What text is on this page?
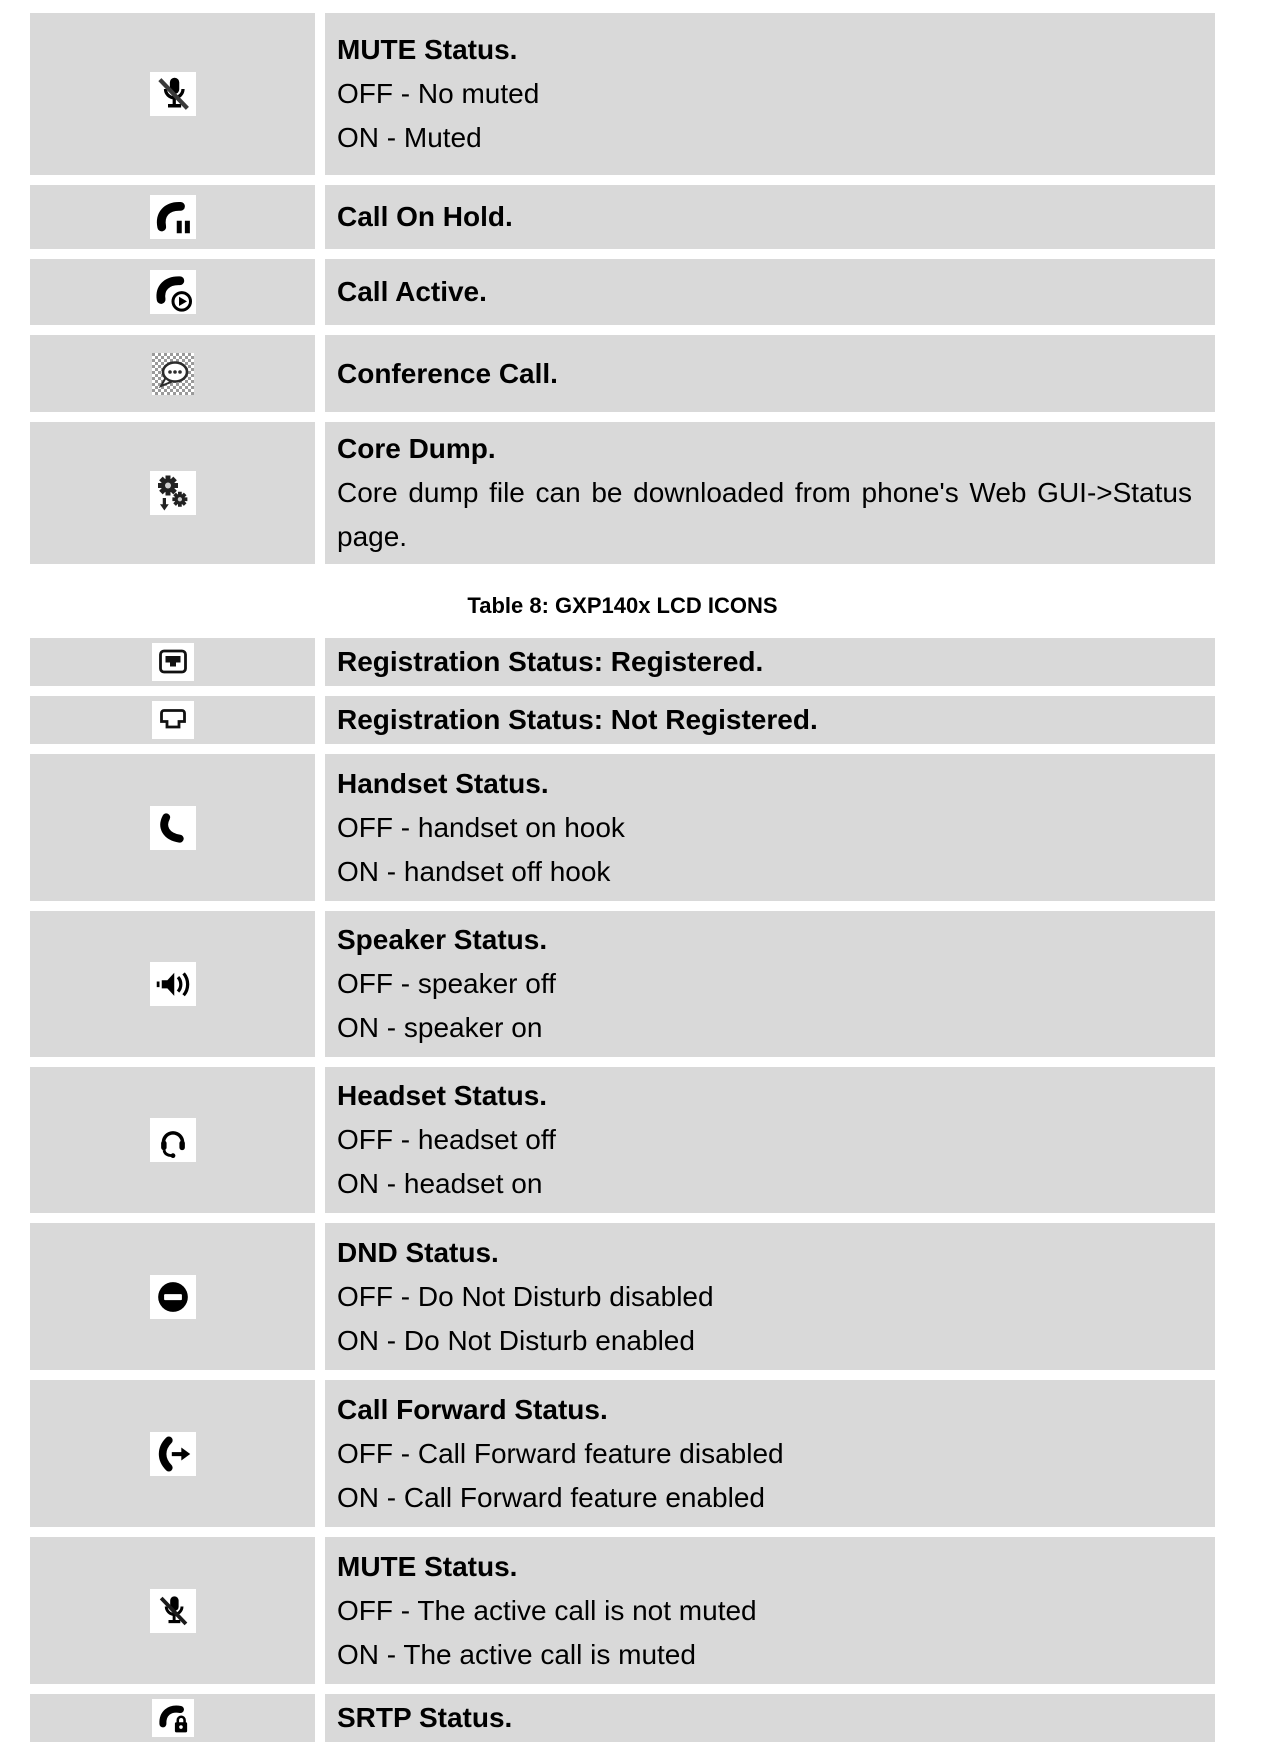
MUTE Status.
OFF - No muted
ON - Muted
Call On Hold.
Call Active.
Conference Call.
Core Dump.
Core dump file can be downloaded from phone's Web GUI->Status page.
Table 8: GXP140x LCD ICONS
Registration Status: Registered.
Registration Status: Not Registered.
Handset Status.
OFF - handset on hook
ON - handset off hook
Speaker Status.
OFF - speaker off
ON - speaker on
Headset Status.
OFF - headset off
ON - headset on
DND Status.
OFF - Do Not Disturb disabled
ON - Do Not Disturb enabled
Call Forward Status.
OFF - Call Forward feature disabled
ON - Call Forward feature enabled
MUTE Status.
OFF - The active call is not muted
ON - The active call is muted
SRTP Status.
